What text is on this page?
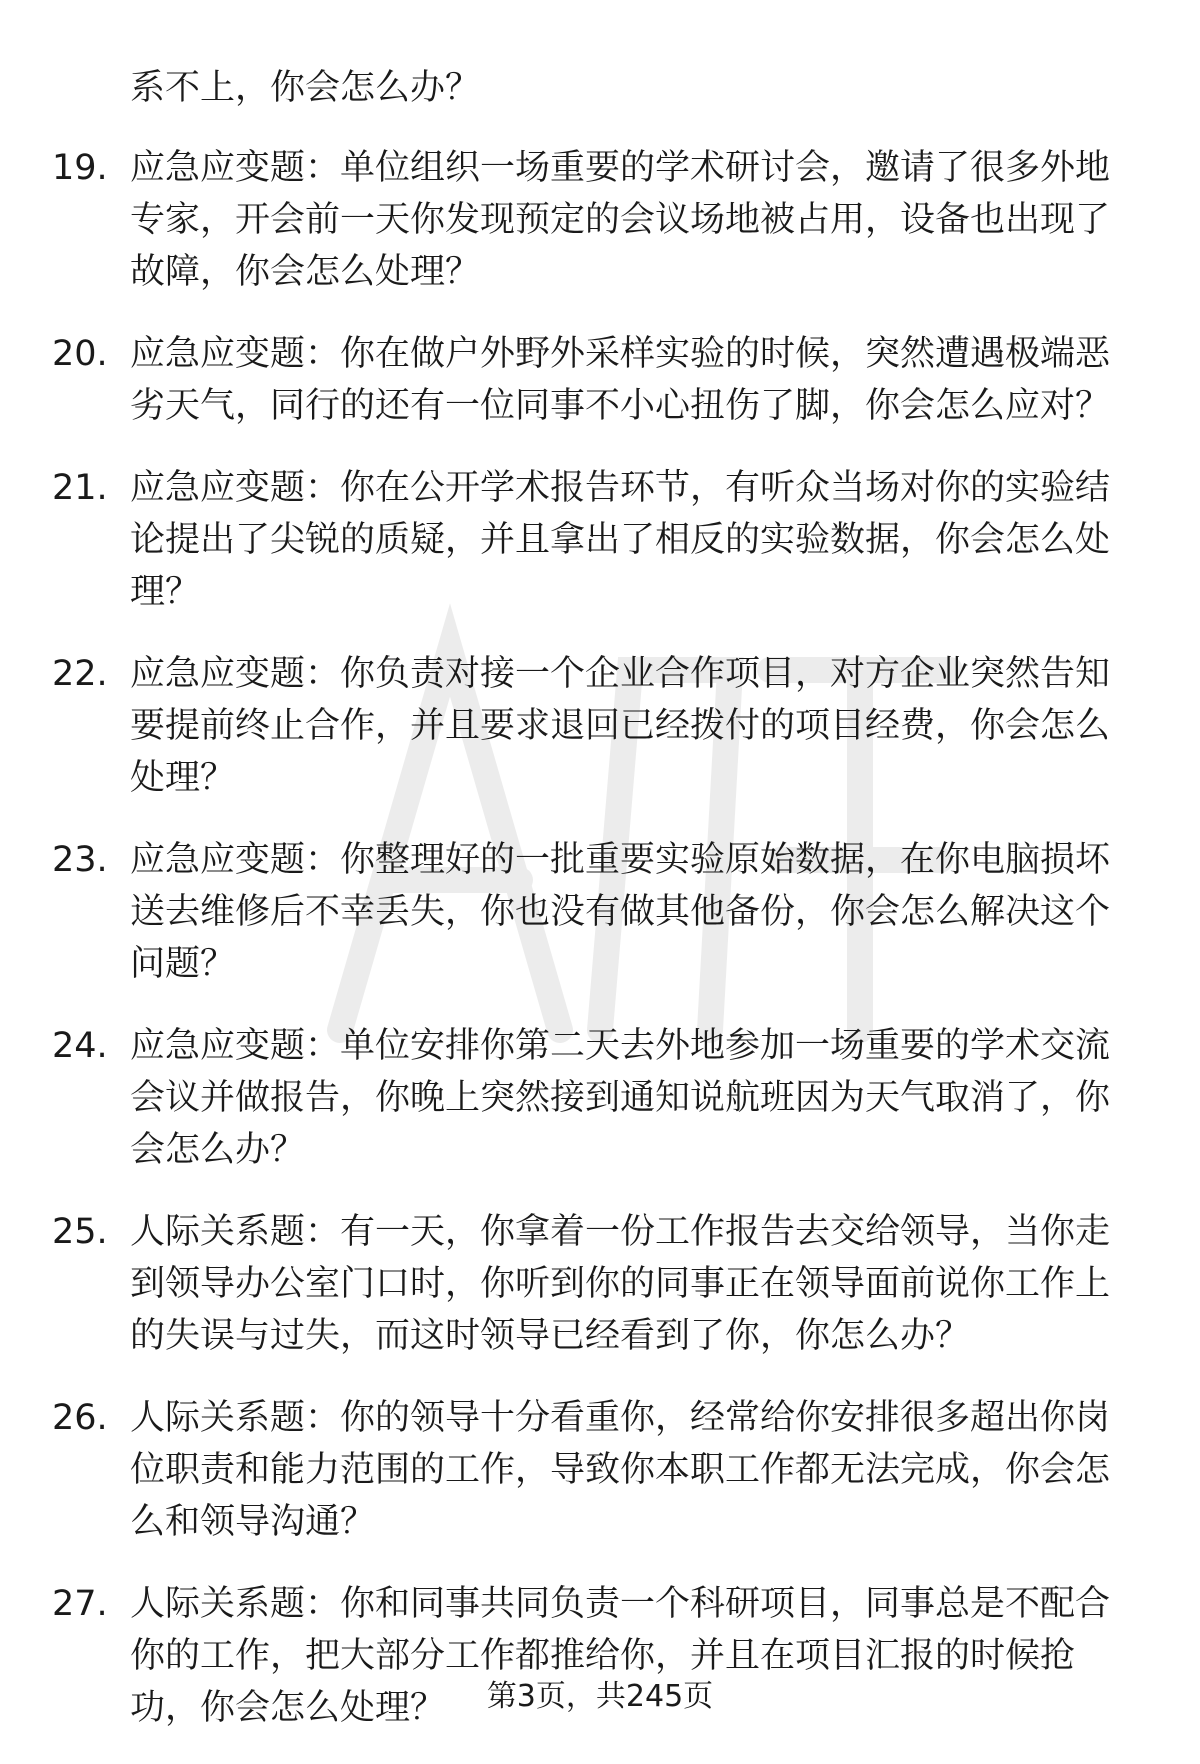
系不上，你会怎么办？
19. 应急应变题：单位组织一场重要的学术研讨会，邀请了很多外地专家，开会前一天你发现预定的会议场地被占用，设备也出现了故障，你会怎么处理？
20. 应急应变题：你在做户外野外采样实验的时候，突然遭遇极端恶劣天气，同行的还有一位同事不小心扭伤了脚，你会怎么应对？
21. 应急应变题：你在公开学术报告环节，有听众当场对你的实验结论提出了尖锐的质疑，并且拿出了相反的实验数据，你会怎么处理？
22. 应急应变题：你负责对接一个企业合作项目，对方企业突然告知要提前终止合作，并且要求退回已经拨付的项目经费，你会怎么处理？
23. 应急应变题：你整理好的一批重要实验原始数据，在你电脑损坏送去维修后不幸丢失，你也没有做其他备份，你会怎么解决这个问题？
24. 应急应变题：单位安排你第二天去外地参加一场重要的学术交流会议并做报告，你晚上突然接到通知说航班因为天气取消了，你会怎么办？
25. 人际关系题：有一天，你拿着一份工作报告去交给领导，当你走到领导办公室门口时，你听到你的同事正在领导面前说你工作上的失误与过失，而这时领导已经看到了你，你怎么办？
26. 人际关系题：你的领导十分看重你，经常给你安排很多超出你岗位职责和能力范围的工作，导致你本职工作都无法完成，你会怎么和领导沟通？
27. 人际关系题：你和同事共同负责一个科研项目，同事总是不配合你的工作，把大部分工作都推给你，并且在项目汇报的时候抢功，你会怎么处理？	第3页，共245页
